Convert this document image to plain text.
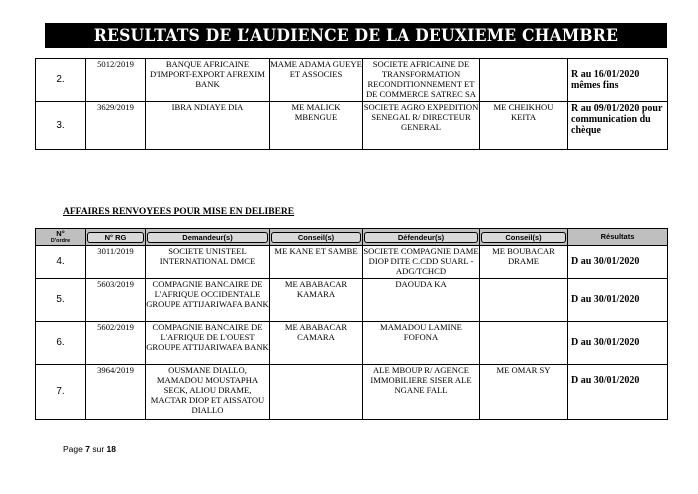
RESULTATS DE L’AUDIENCE DE LA DEUXIEME CHAMBRE
2.	5012/2019	BANQUE AFRICAINE D'IMPORT-EXPORT AFREXIM BANK	MAME ADAMA GUEYE ET ASSOCIES	SOCIETE AFRICAINE DE TRANSFORMATION RECONDITIONNEMENT ET DE COMMERCE SATREC SA		R au 16/01/2020 mêmes fins
3.	3629/2019	IBRA NDIAYE DIA	ME MALICK MBENGUE	SOCIETE AGRO EXPEDITION SENEGAL R/ DIRECTEUR GENERAL	ME CHEIKHOU KEITA	R au 09/01/2020 pour communication du chèque
AFFAIRES RENVOYEES POUR MISE EN DELIBERE
N°
D'ordre	N° RG	Demandeur(s)	Conseil(s)	Défendeur(s)	Conseil(s)	Résultats

4.	3011/2019	SOCIETE UNISTEEL INTERNATIONAL DMCE	ME KANE ET SAMBE	SOCIETE COMPAGNIE DAME DIOP DITE C.CDD SUARL -ADG/TCHCD	ME BOUBACAR DRAME	D au 30/01/2020
5.	5603/2019	COMPAGNIE BANCAIRE DE L'AFRIQUE OCCIDENTALE GROUPE ATTIJARIWAFA BANK	ME ABABACAR KAMARA	DAOUDA KA		D au 30/01/2020
6.	5602/2019	COMPAGNIE BANCAIRE DE L'AFRIQUE DE L'OUEST GROUPE ATTIJARIWAFA BANK	ME ABABACAR CAMARA	MAMADOU LAMINE FOFONA		D au 30/01/2020
7.	3964/2019	OUSMANE DIALLO, MAMADOU MOUSTAPHA SECK, ALIOU DRAME, MACTAR DIOP ET AISSATOU DIALLO		ALE MBOUP R/ AGENCE IMMOBILIERE SISER ALE NGANE FALL	ME OMAR SY	D au 30/01/2020
Page 7 sur 18
